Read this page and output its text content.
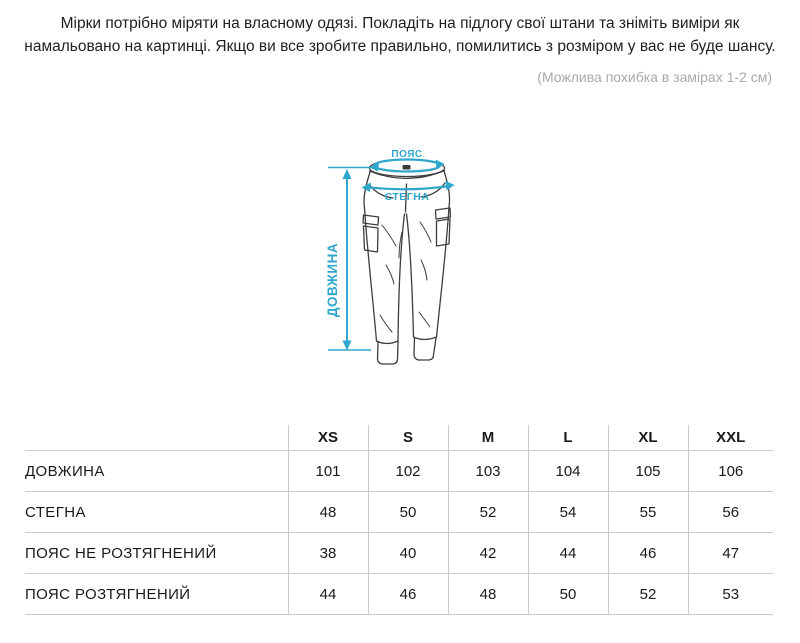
Мірки потрібно міряти на власному одязі. Покладіть на підлогу свої штани та зніміть виміри як
намальовано на картинці. Якщо ви все зробите правильно, помилитись з розміром у вас не буде шансу.
(Можлива похибка в замірах 1-2 см)
ПОЯС
СТЕГНА
ДОВЖИНА
	XS	S	M	L	XL	XXL
ДОВЖИНА	101	102	103	104	105	106
СТЕГНА	48	50	52	54	55	56
ПОЯС НЕ РОЗТЯГНЕНИЙ	38	40	42	44	46	47
ПОЯС РОЗТЯГНЕНИЙ	44	46	48	50	52	53
